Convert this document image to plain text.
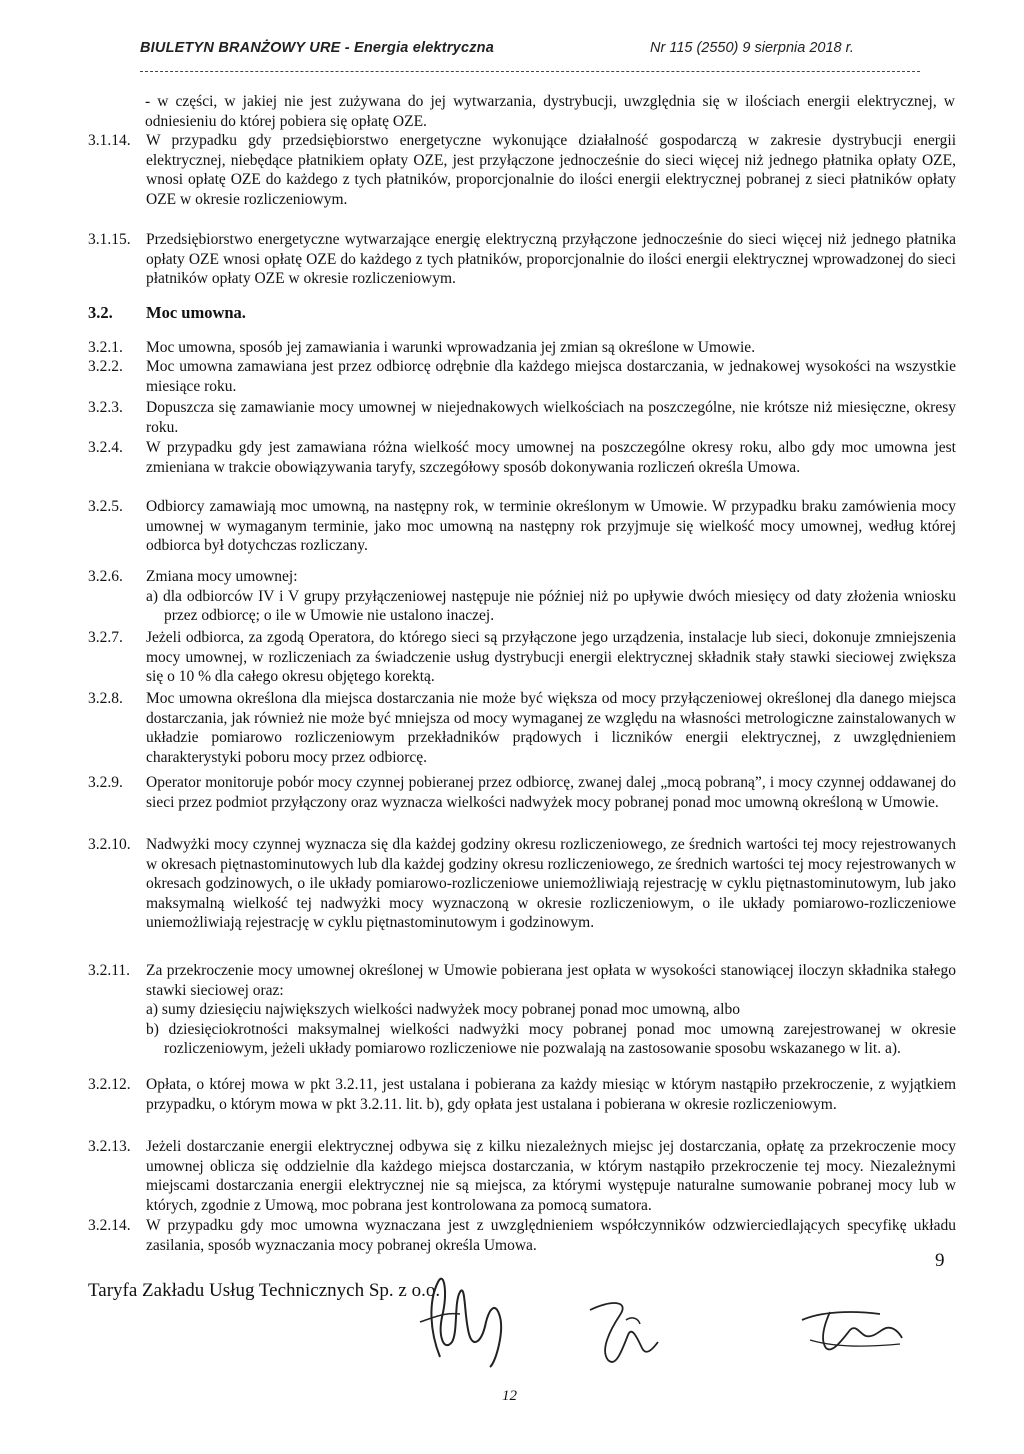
BIULETYN BRANŻOWY URE - Energia elektryczna	Nr 115 (2550) 9 sierpnia 2018 r.
- w części, w jakiej nie jest zużywana do jej wytwarzania, dystrybucji, uwzględnia się w ilościach energii elektrycznej, w odniesieniu do której pobiera się opłatę OZE.
3.1.14. W przypadku gdy przedsiębiorstwo energetyczne wykonujące działalność gospodarczą w zakresie dystrybucji energii elektrycznej, niebędące płatnikiem opłaty OZE, jest przyłączone jednocześnie do sieci więcej niż jednego płatnika opłaty OZE, wnosi opłatę OZE do każdego z tych płatników, proporcjonalnie do ilości energii elektrycznej pobranej z sieci płatników opłaty OZE w okresie rozliczeniowym.
3.1.15. Przedsiębiorstwo energetyczne wytwarzające energię elektryczną przyłączone jednocześnie do sieci więcej niż jednego płatnika opłaty OZE wnosi opłatę OZE do każdego z tych płatników, proporcjonalnie do ilości energii elektrycznej wprowadzonej do sieci płatników opłaty OZE w okresie rozliczeniowym.
3.2. Moc umowna.
3.2.1.	Moc umowna, sposób jej zamawiania i warunki wprowadzania jej zmian są określone w Umowie.
3.2.2.	Moc umowna zamawiana jest przez odbiorcę odrębnie dla każdego miejsca dostarczania, w jednakowej wysokości na wszystkie miesiące roku.
3.2.3.	Dopuszcza się zamawianie mocy umownej w niejednakowych wielkościach na poszczególne, nie krótsze niż miesięczne, okresy roku.
3.2.4.	W przypadku gdy jest zamawiana różna wielkość mocy umownej na poszczególne okresy roku, albo gdy moc umowna jest zmieniana w trakcie obowiązywania taryfy, szczegółowy sposób dokonywania rozliczeń określa Umowa.
3.2.5.	Odbiorcy zamawiają moc umowną, na następny rok, w terminie określonym w Umowie. W przypadku braku zamówienia mocy umownej w wymaganym terminie, jako moc umowną na następny rok przyjmuje się wielkość mocy umownej, według której odbiorca był dotychczas rozliczany.
3.2.6.	Zmiana mocy umownej:
a) dla odbiorców IV i V grupy przyłączeniowej następuje nie później niż po upływie dwóch miesięcy od daty złożenia wniosku przez odbiorcę; o ile w Umowie nie ustalono inaczej.
3.2.7.	Jeżeli odbiorca, za zgodą Operatora, do którego sieci są przyłączone jego urządzenia, instalacje lub sieci, dokonuje zmniejszenia mocy umownej, w rozliczeniach za świadczenie usług dystrybucji energii elektrycznej składnik stały stawki sieciowej zwiększa się o 10 % dla całego okresu objętego korektą.
3.2.8.	Moc umowna określona dla miejsca dostarczania nie może być większa od mocy przyłączeniowej określonej dla danego miejsca dostarczania, jak również nie może być mniejsza od mocy wymaganej ze względu na własności metrologiczne zainstalowanych w układzie pomiarowo rozliczeniowym przekładników prądowych i liczników energii elektrycznej, z uwzględnieniem charakterystyki poboru mocy przez odbiorcę.
3.2.9.	Operator monitoruje pobór mocy czynnej pobieranej przez odbiorcę, zwanej dalej „mocą pobraną”, i mocy czynnej oddawanej do sieci przez podmiot przyłączony oraz wyznacza wielkości nadwyżek mocy pobranej ponad moc umowną określoną w Umowie.
3.2.10. Nadwyżki mocy czynnej wyznacza się dla każdej godziny okresu rozliczeniowego, ze średnich wartości tej mocy rejestrowanych w okresach piętnastominutowych lub dla każdej godziny okresu rozliczeniowego, ze średnich wartości tej mocy rejestrowanych w okresach godzinowych, o ile układy pomiarowo-rozliczeniowe uniemożliwiają rejestrację w cyklu piętnastominutowym, lub jako maksymalną wielkość tej nadwyżki mocy wyznaczoną w okresie rozliczeniowym, o ile układy pomiarowo-rozliczeniowe uniemożliwiają rejestrację w cyklu piętnastominutowym i godzinowym.
3.2.11.	Za przekroczenie mocy umownej określonej w Umowie pobierana jest opłata w wysokości stanowiącej iloczyn składnika stałego stawki sieciowej oraz:
a) sumy dziesięciu największych wielkości nadwyżek mocy pobranej ponad moc umowną, albo
b) dziesięciokrotności maksymalnej wielkości nadwyżki mocy pobranej ponad moc umowną zarejestrowanej w okresie rozliczeniowym, jeżeli układy pomiarowo rozliczeniowe nie pozwalają na zastosowanie sposobu wskazanego w lit. a).
3.2.12. Opłata, o której mowa w pkt 3.2.11, jest ustalana i pobierana za każdy miesiąc w którym nastąpiło przekroczenie, z wyjątkiem przypadku, o którym mowa w pkt 3.2.11. lit. b), gdy opłata jest ustalana i pobierana w okresie rozliczeniowym.
3.2.13. Jeżeli dostarczanie energii elektrycznej odbywa się z kilku niezależnych miejsc jej dostarczania, opłatę za przekroczenie mocy umownej oblicza się oddzielnie dla każdego miejsca dostarczania, w którym nastąpiło przekroczenie tej mocy. Niezależnymi miejscami dostarczania energii elektrycznej nie są miejsca, za którymi występuje naturalne sumowanie pobranej mocy lub w których, zgodnie z Umową, moc pobrana jest kontrolowana za pomocą sumatora.
3.2.14. W przypadku gdy moc umowna wyznaczana jest z uwzględnieniem współczynników odzwierciedlających specyfikę układu zasilania, sposób wyznaczania mocy pobranej określa Umowa.
Taryfa Zakładu Usług Technicznych Sp. z o.o.
9
12
